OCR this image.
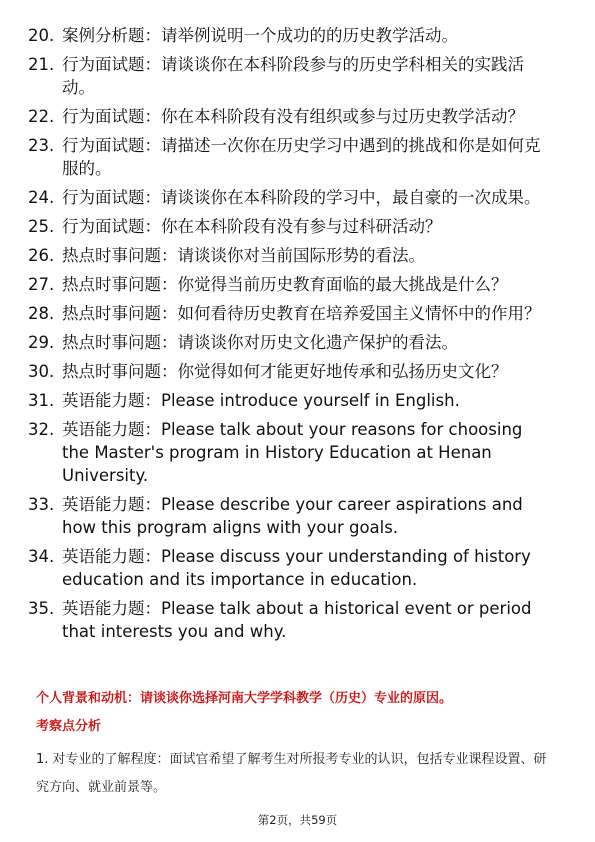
20. 案例分析题：请举例说明一个成功的的历史教学活动。
21. 行为面试题：请谈谈你在本科阶段参与的历史学科相关的实践活动。
22. 行为面试题：你在本科阶段有没有组织或参与过历史教学活动？
23. 行为面试题：请描述一次你在历史学习中遇到的挑战和你是如何克服的。
24. 行为面试题：请谈谈你在本科阶段的学习中，最自豪的一次成果。
25. 行为面试题：你在本科阶段有没有参与过科研活动？
26. 热点时事问题：请谈谈你对当前国际形势的看法。
27. 热点时事问题：你觉得当前历史教育面临的最大挑战是什么？
28. 热点时事问题：如何看待历史教育在培养爱国主义情怀中的作用？
29. 热点时事问题：请谈谈你对历史文化遗产保护的看法。
30. 热点时事问题：你觉得如何才能更好地传承和弘扬历史文化？
31. 英语能力题：Please introduce yourself in English.
32. 英语能力题：Please talk about your reasons for choosing the Master's program in History Education at Henan University.
33. 英语能力题：Please describe your career aspirations and how this program aligns with your goals.
34. 英语能力题：Please discuss your understanding of history education and its importance in education.
35. 英语能力题：Please talk about a historical event or period that interests you and why.
个人背景和动机：请谈谈你选择河南大学学科教学（历史）专业的原因。
考察点分析
1. 对专业的了解程度：面试官希望了解考生对所报考专业的认识，包括专业课程设置、研究方向、就业前景等。
第2页，共59页
